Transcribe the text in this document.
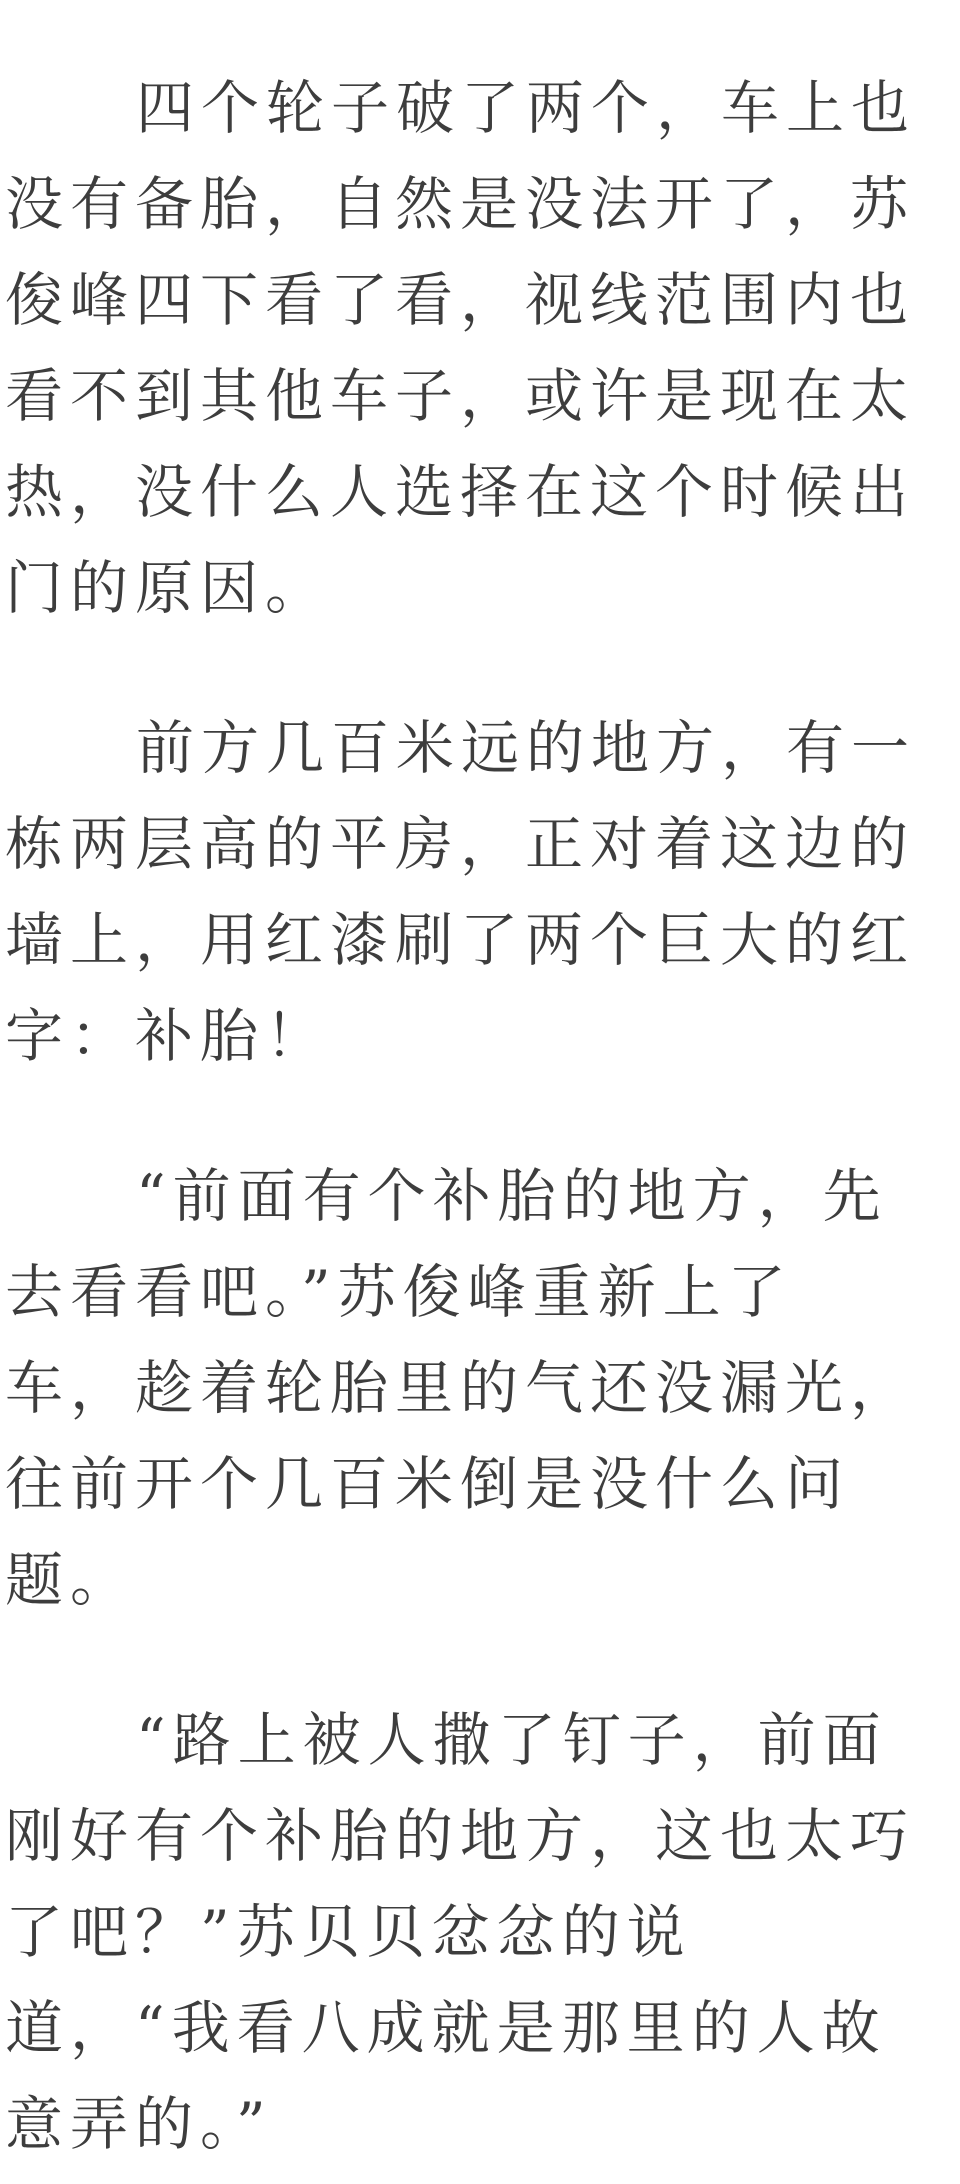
四个轮子破了两个，车上也
没有备胎，自然是没法开了，苏
俊峰四下看了看，视线范围内也
看不到其他车子，或许是现在太
热，没什么人选择在这个时候出
门的原因。
前方几百米远的地方，有一
栋两层高的平房，正对着这边的
墙上，用红漆刷了两个巨大的红
字：补胎！
“前面有个补胎的地方，先
去看看吧。”苏俊峰重新上了
车，趁着轮胎里的气还没漏光，
往前开个几百米倒是没什么问
题。
“路上被人撒了钉子，前面
刚好有个补胎的地方，这也太巧
了吧？”苏贝贝忿忿的说
道，“我看八成就是那里的人故
意弄的。”
